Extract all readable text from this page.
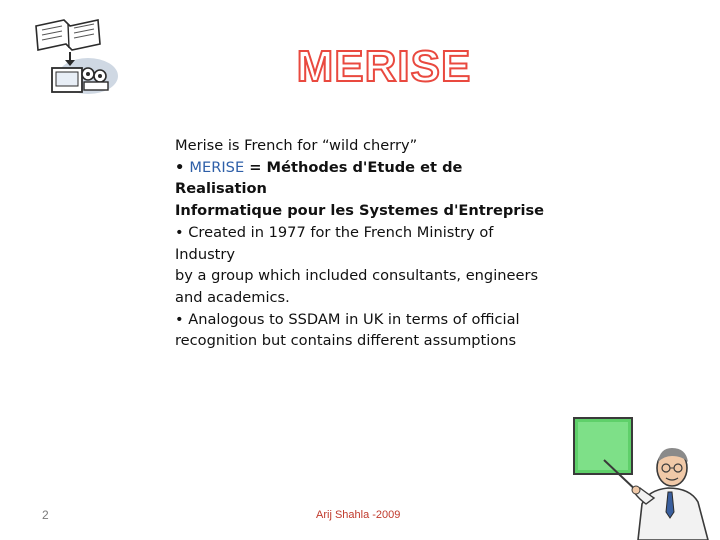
MERISE

Merise is French for “wild cherry”

• MERISE = Méthodes d'Etude et de Realisation

Informatique pour les Systemes d'Entreprise

• Created in 1977 for the French Ministry of

Industry

by a group which included consultants, engineers

and academics.

• Analogous to SSDAM in UK in terms of official

recognition but contains different assumptions

2	Arij Shahla -2009
